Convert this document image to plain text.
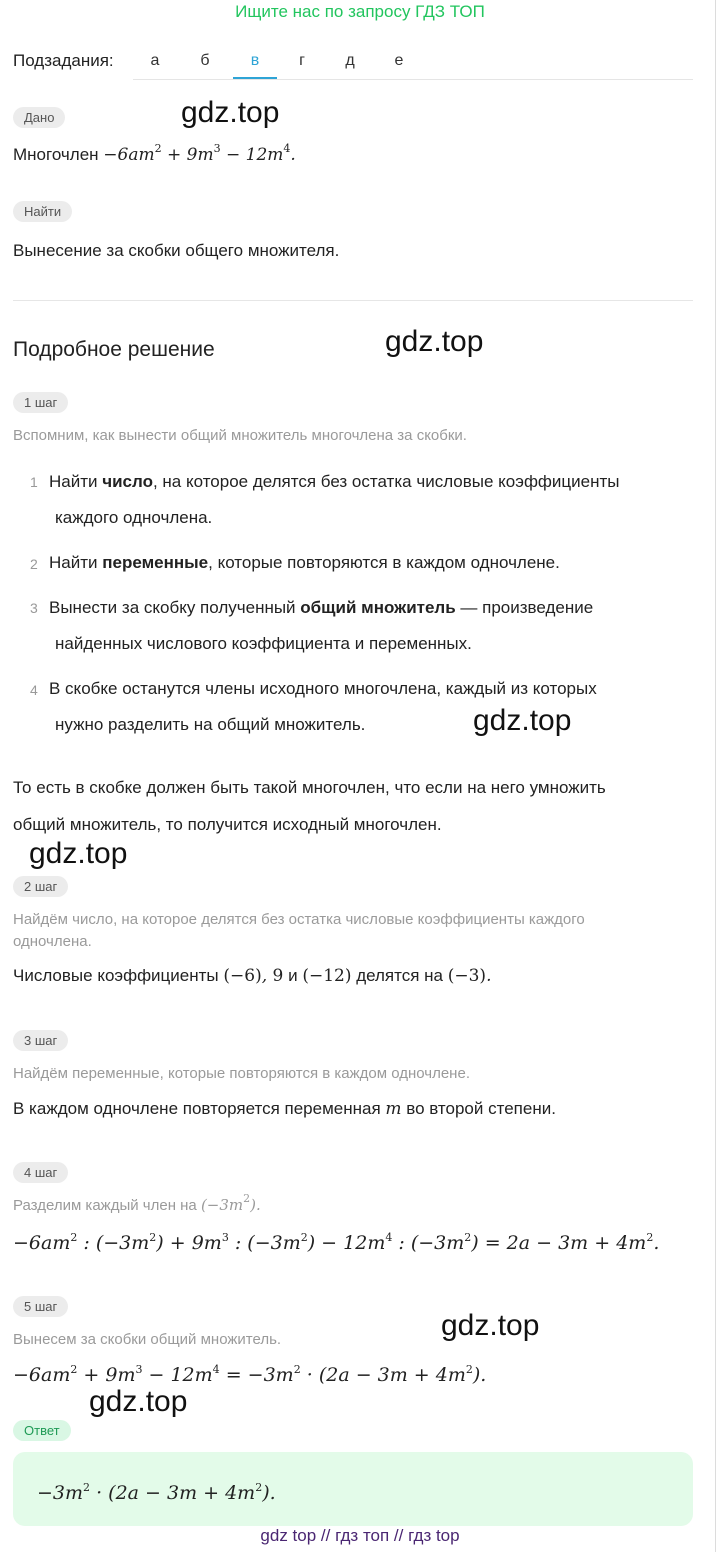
Ищите нас по запросу ГДЗ ТОП
Подзадания:	а	б	в	г	д	е
Дано	gdz.top
Многочлен $-6am^2 + 9m^3 - 12m^4$.
Найти
Вынесение за скобки общего множителя.
Подробное решение	gdz.top
1 шаг
Вспомним, как вынести общий множитель многочлена за скобки.
1 Найти число, на которое делятся без остатка числовые коэффициенты
каждого одночлена.
2 Найти переменные, которые повторяются в каждом одночлене.
3 Вынести за скобку полученный общий множитель — произведение
найденных числового коэффициента и переменных.
4 В скобке останутся члены исходного многочлена, каждый из которых
нужно разделить на общий множитель.	gdz.top
То есть в скобке должен быть такой многочлен, что если на него умножить
общий множитель, то получится исходный многочлен.
gdz.top
2 шаг
Найдём число, на которое делятся без остатка числовые коэффициенты каждого
одночлена.
Числовые коэффициенты (−6), 9 и (−12) делятся на (−3).
3 шаг
Найдём переменные, которые повторяются в каждом одночлене.
В каждом одночлене повторяется переменная m во второй степени.
4 шаг
Разделим каждый член на $(-3m^2)$.
$-6am^2$ : $(-3m^2) + 9m^3$ : $(-3m^2) - 12m^4$ : $(-3m^2) = 2a - 3m + 4m^2$.
5 шаг
gdz.top
Вынесем за скобки общий множитель.
$-6am^2 + 9m^3 - 12m^4 = -3m^2 \cdot (2a - 3m + 4m^2)$.
gdz.top
Ответ
$-3m^2 \cdot (2a - 3m + 4m^2)$.
gdz top // гдз топ // гдз top
